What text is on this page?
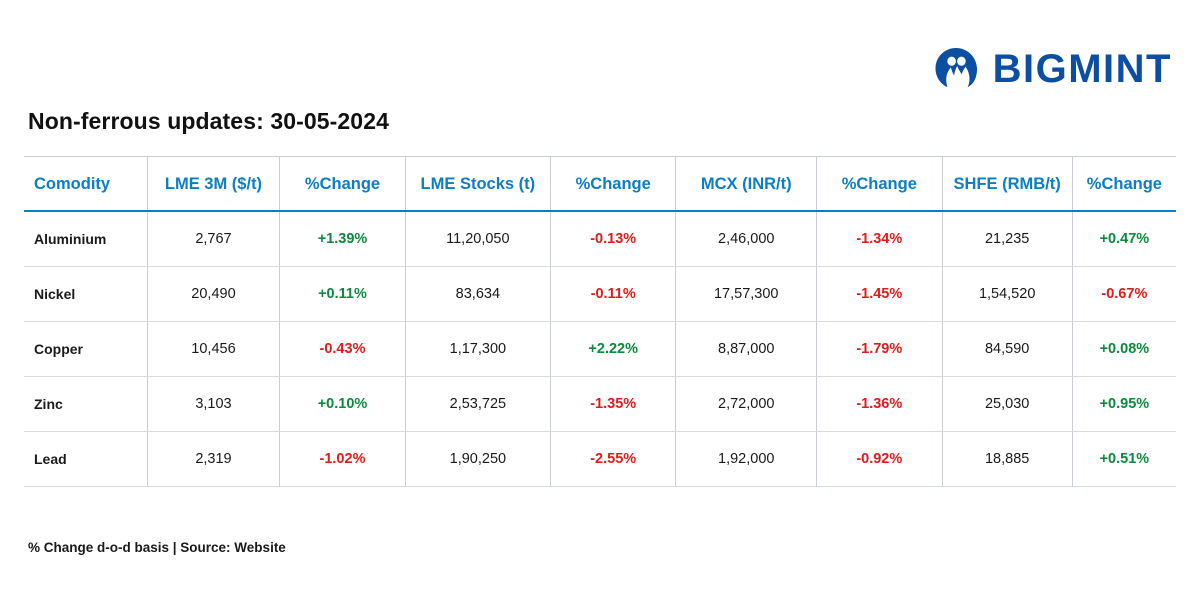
BIGMINT
Non-ferrous updates: 30-05-2024
Comodity	LME 3M ($/t)	%Change	LME Stocks (t)	%Change	MCX (INR/t)	%Change	SHFE (RMB/t)	%Change
Aluminium	2,767	+1.39%	11,20,050	-0.13%	2,46,000	-1.34%	21,235	+0.47%
Nickel	20,490	+0.11%	83,634	-0.11%	17,57,300	-1.45%	1,54,520	-0.67%
Copper	10,456	-0.43%	1,17,300	+2.22%	8,87,000	-1.79%	84,590	+0.08%
Zinc	3,103	+0.10%	2,53,725	-1.35%	2,72,000	-1.36%	25,030	+0.95%
Lead	2,319	-1.02%	1,90,250	-2.55%	1,92,000	-0.92%	18,885	+0.51%
% Change d-o-d basis | Source: Website
